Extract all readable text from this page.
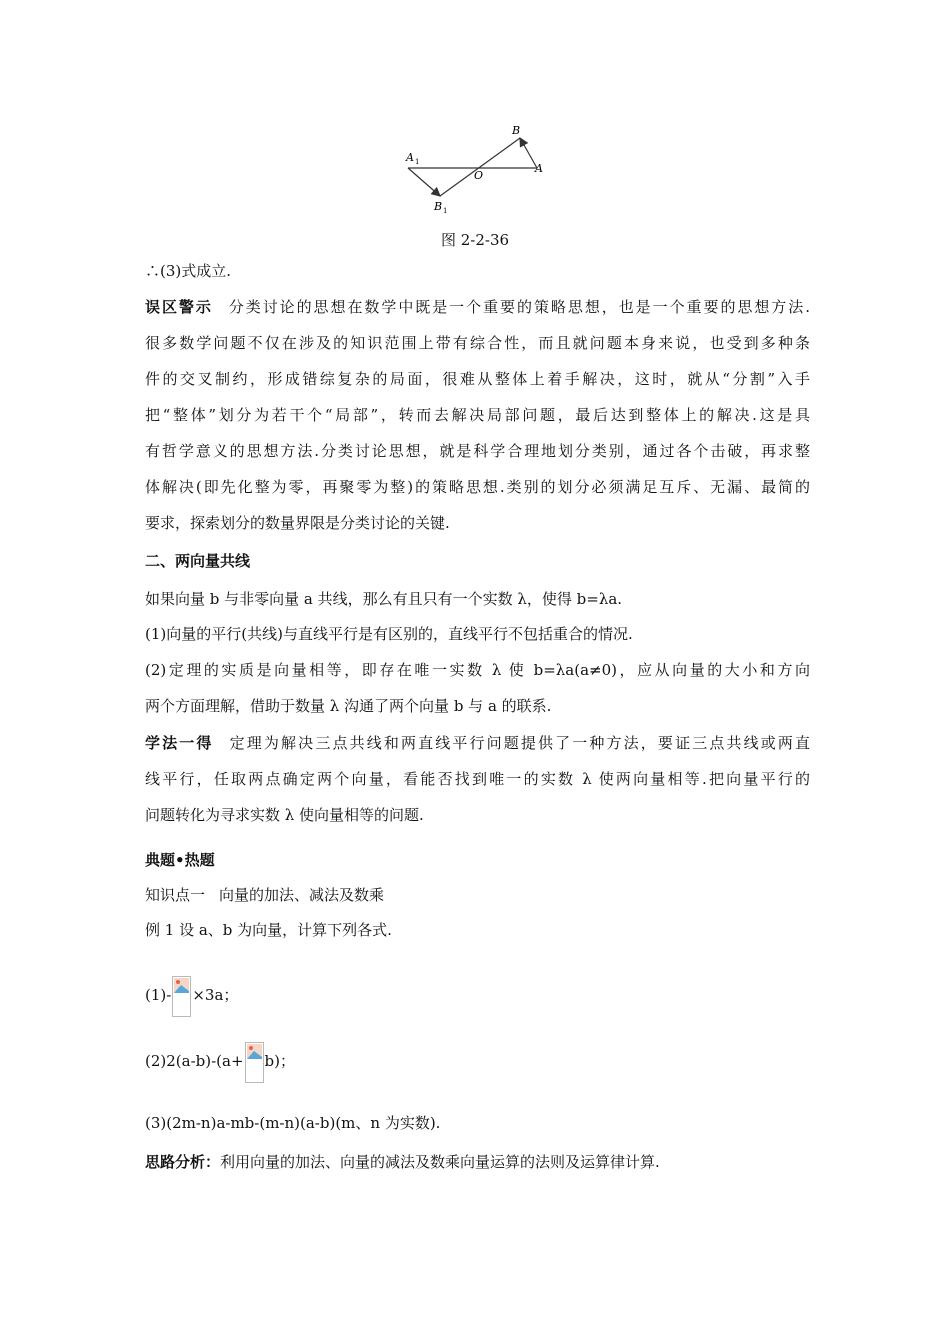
A 1
B
O
A
B 1
图 2-2-36
∴(3)式成立.
误区警示 分类讨论的思想在数学中既是一个重要的策略思想，也是一个重要的思想方法.
很多数学问题不仅在涉及的知识范围上带有综合性，而且就问题本身来说，也受到多种条
件的交叉制约，形成错综复杂的局面，很难从整体上着手解决，这时，就从“分割”入手
把“整体”划分为若干个“局部”，转而去解决局部问题，最后达到整体上的解决.这是具
有哲学意义的思想方法.分类讨论思想，就是科学合理地划分类别，通过各个击破，再求整
体解决(即先化整为零，再聚零为整)的策略思想.类别的划分必须满足互斥、无漏、最简的
要求，探索划分的数量界限是分类讨论的关键.
二、两向量共线
如果向量 b 与非零向量 a 共线，那么有且只有一个实数 λ，使得 b=λa.
(1)向量的平行(共线)与直线平行是有区别的，直线平行不包括重合的情况.
(2)定理的实质是向量相等，即存在唯一实数 λ 使 b=λa(a≠0)，应从向量的大小和方向
两个方面理解，借助于数量 λ 沟通了两个向量 b 与 a 的联系.
学法一得 定理为解决三点共线和两直线平行问题提供了一种方法，要证三点共线或两直
线平行，任取两点确定两个向量，看能否找到唯一的实数 λ 使两向量相等.把向量平行的
问题转化为寻求实数 λ 使向量相等的问题.
典题•热题
知识点一 向量的加法、减法及数乘
例 1 设 a、b 为向量，计算下列各式.
(1)- ×3a；
(2)2(a-b)-(a+ b)；
(3)(2m-n)a-mb-(m-n)(a-b)(m、n 为实数).
思路分析：利用向量的加法、向量的减法及数乘向量运算的法则及运算律计算.
